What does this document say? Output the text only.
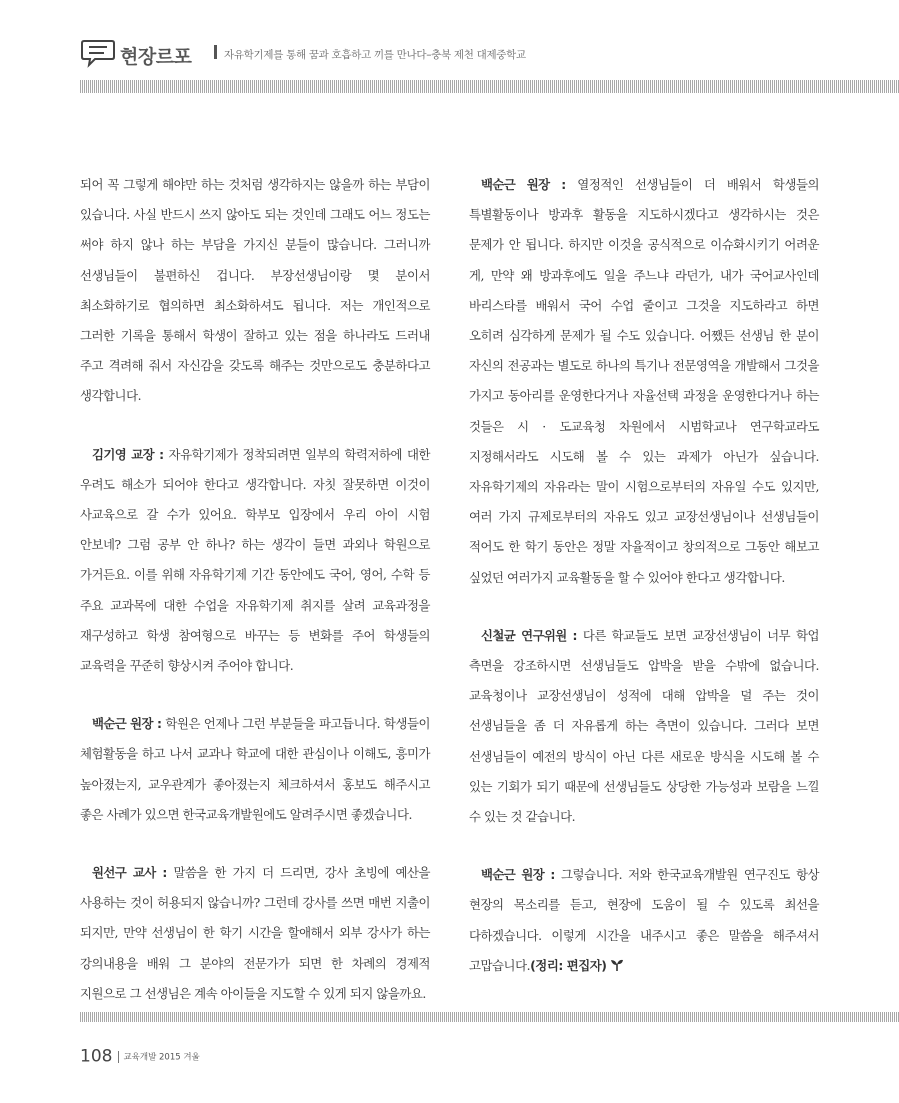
현장르포	자유학기제를 통해 꿈과 호흡하고 끼를 만나다–충북 제천 대제중학교

되어 꼭 그렇게 해야만 하는 것처럼 생각하지는 않을까 하는 부담이 있습니다. 사실 반드시 쓰지 않아도 되는 것인데 그래도 어느 정도는 써야 하지 않나 하는 부담을 가지신 분들이 많습니다. 그러니까 선생님들이 불편하신 겁니다. 부장선생님이랑 몇 분이서 최소화하기로 협의하면 최소화하셔도 됩니다. 저는 개인적으로 그러한 기록을 통해서 학생이 잘하고 있는 점을 하나라도 드러내 주고 격려해 줘서 자신감을 갖도록 해주는 것만으로도 충분하다고 생각합니다.

김기영 교장 : 자유학기제가 정착되려면 일부의 학력저하에 대한 우려도 해소가 되어야 한다고 생각합니다. 자칫 잘못하면 이것이 사교육으로 갈 수가 있어요. 학부모 입장에서 우리 아이 시험 안보네? 그럼 공부 안 하나? 하는 생각이 들면 과외나 학원으로 가거든요. 이를 위해 자유학기제 기간 동안에도 국어, 영어, 수학 등 주요 교과목에 대한 수업을 자유학기제 취지를 살려 교육과정을 재구성하고 학생 참여형으로 바꾸는 등 변화를 주어 학생들의 교육력을 꾸준히 향상시켜 주어야 합니다.

백순근 원장 : 학원은 언제나 그런 부분들을 파고듭니다. 학생들이 체험활동을 하고 나서 교과나 학교에 대한 관심이나 이해도, 흥미가 높아졌는지, 교우관계가 좋아졌는지 체크하셔서 홍보도 해주시고 좋은 사례가 있으면 한국교육개발원에도 알려주시면 좋겠습니다.

원선구 교사 : 말씀을 한 가지 더 드리면, 강사 초빙에 예산을 사용하는 것이 허용되지 않습니까? 그런데 강사를 쓰면 매번 지출이 되지만, 만약 선생님이 한 학기 시간을 할애해서 외부 강사가 하는 강의내용을 배워 그 분야의 전문가가 되면 한 차례의 경제적 지원으로 그 선생님은 계속 아이들을 지도할 수 있게 되지 않을까요.

백순근 원장 : 열정적인 선생님들이 더 배워서 학생들의 특별활동이나 방과후 활동을 지도하시겠다고 생각하시는 것은 문제가 안 됩니다. 하지만 이것을 공식적으로 이슈화시키기 어려운 게, 만약 왜 방과후에도 일을 주느냐 라던가, 내가 국어교사인데 바리스타를 배워서 국어 수업 줄이고 그것을 지도하라고 하면 오히려 심각하게 문제가 될 수도 있습니다. 어쨌든 선생님 한 분이 자신의 전공과는 별도로 하나의 특기나 전문영역을 개발해서 그것을 가지고 동아리를 운영한다거나 자율선택 과정을 운영한다거나 하는 것들은 시 · 도교육청 차원에서 시범학교나 연구학교라도 지정해서라도 시도해 볼 수 있는 과제가 아닌가 싶습니다. 자유학기제의 자유라는 말이 시험으로부터의 자유일 수도 있지만, 여러 가지 규제로부터의 자유도 있고 교장선생님이나 선생님들이 적어도 한 학기 동안은 정말 자율적이고 창의적으로 그동안 해보고 싶었던 여러가지 교육활동을 할 수 있어야 한다고 생각합니다.

신철균 연구위원 : 다른 학교들도 보면 교장선생님이 너무 학업 측면을 강조하시면 선생님들도 압박을 받을 수밖에 없습니다. 교육청이나 교장선생님이 성적에 대해 압박을 덜 주는 것이 선생님들을 좀 더 자유롭게 하는 측면이 있습니다. 그러다 보면 선생님들이 예전의 방식이 아닌 다른 새로운 방식을 시도해 볼 수 있는 기회가 되기 때문에 선생님들도 상당한 가능성과 보람을 느낄 수 있는 것 같습니다.

백순근 원장 : 그렇습니다. 저와 한국교육개발원 연구진도 항상 현장의 목소리를 듣고, 현장에 도움이 될 수 있도록 최선을 다하겠습니다. 이렇게 시간을 내주시고 좋은 말씀을 해주셔서 고맙습니다.(정리: 편집자)

108 교육개발 2015 겨울
